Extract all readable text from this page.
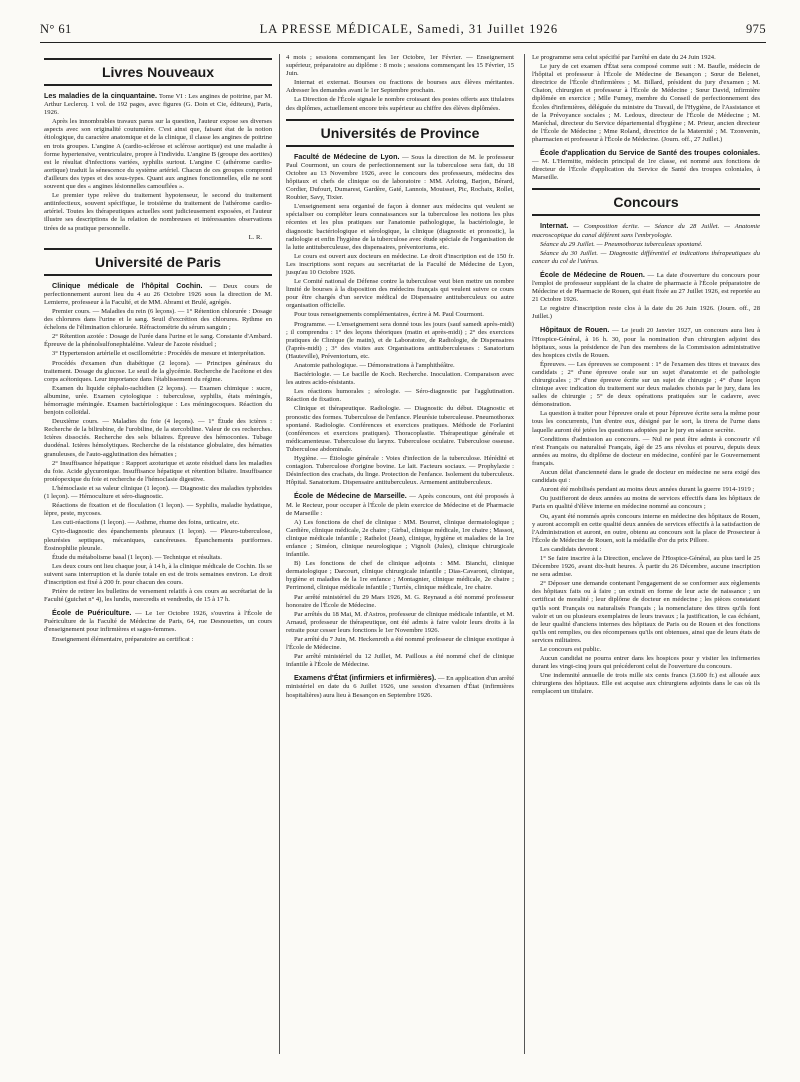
N° 61	LA PRESSE MÉDICALE, Samedi, 31 Juillet 1926	975
Livres Nouveaux

Les maladies de la cinquantaine. Tome VI : Les angines de poitrine, par M. Arthur Leclercq. 1 vol. de 192 pages, avec figures (G. Doin et Cie, éditeurs), Paris, 1926.

Après les innombrables travaux parus sur la question, l'auteur expose ses diverses aspects avec son originalité coutumière. C'est ainsi que, faisant état de la notion étiologique, du caractère anatomique et de la clinique, il classe les angines de poitrine en trois groupes. L'angine A (cardio-sclérose et sclérose aortique) est une maladie à forme hypertensive, ventriculaire, propre à l'individu. L'angine B (groupe des aortites) est le résultat d'infections variées, syphilis surtout. L'angine C (athérome cardio-aortique) traduit la sénescence du système artériel. Chacun de ces groupes comprend d'ailleurs des types et des sous-types. Quant aux angines fonctionnelles, elle ne sont souvent que des « angines lésionnelles camouflées ».

Le premier type relève du traitement hypotenseur, le second du traitement antiinfectieux, souvent spécifique, le troisième du traitement de l'athérome cardio-artériel. Toutes les thérapeutiques actuelles sont judicieusement exposées, et l'auteur illustre ses descriptions de la relation de nombreuses et intéressantes observations tirées de sa pratique personnelle.

L. R.

Université de Paris

Clinique médicale de l'hôpital Cochin. — Deux cours de perfectionnement auront lieu du 4 au 26 Octobre 1926 sous la direction de M. Lemierre, professeur à la Faculté, et de MM. Abrami et Brulé, agrégés.

Premier cours. — Maladies du rein (6 leçons). — 1° Rétention chlorurée : Dosage des chlorures dans l'urine et le sang. Seuil d'excrétion des chlorures. Rythme en échelons de l'élimination chlorurée. Réfractométrie du sérum sanguin ;

2° Rétention azotée : Dosage de l'urée dans l'urine et le sang. Constante d'Ambard. Épreuve de la phénolsulfonephtaléine. Valeur de l'azote résiduel ;

3° Hypertension artérielle et oscillométrie : Procédés de mesure et interprétation.

Procédés d'examen d'un diabétique (2 leçons). — Principes généraux du traitement. Dosage du glucose. Le seuil de la glycémie. Recherche de l'acétone et des corps acétoniques. Leur importance dans l'établissement du régime.

Examen du liquide céphalo-rachidien (2 leçons). — Examen chimique : sucre, albumine, urée. Examen cytologique : tuberculose, syphilis, états méningés, hémorragie méningée. Examen bactériologique : Les méningocoques. Réaction du benjoin colloïdal.

Deuxième cours. — Maladies du foie (4 leçons). — 1° Étude des ictères : Recherche de la bilirubine, de l'urobiline, de la stercobiline. Valeur de ces recherches. Ictères dissociés. Recherche des sels biliaires. Épreuve des hémoconies. Tubage duodénal. Ictères hémolytiques. Recherche de la résistance globulaire, des hématies granuleuses, de l'auto-agglutination des hématies ;

2° Insuffisance hépatique : Rapport azoturique et azote résiduel dans les maladies du foie. Acide glycuronique. Insuffisance hépatique et rétention biliaire. Insuffisance protéopexique du foie et recherche de l'hémoclasie digestive.

L'hémoclasie et sa valeur clinique (1 leçon). — Diagnostic des maladies typhoïdes (1 leçon). — Hémoculture et séro-diagnostic.

Réactions de fixation et de floculation (1 leçon). — Syphilis, maladie hydatique, lèpre, peste, mycoses.

Les cuti-réactions (1 leçon). — Asthme, rhume des foins, urticaire, etc.

Cyto-diagnostic des épanchements pleuraux (1 leçon). — Pleuro-tuberculose, pleurésies septiques, mécaniques, cancéreuses. Épanchements puriformes. Éosinophilie pleurale.

Étude du métabolisme basal (1 leçon). — Technique et résultats.

Les deux cours ont lieu chaque jour, à 14 h, à la clinique médicale de Cochin. Ils se suivent sans interruption et la durée totale en est de trois semaines environ. Le droit d'inscription est fixé à 200 fr. pour chacun des cours.

Prière de retirer les bulletins de versement relatifs à ces cours au secrétariat de la Faculté (guichet n° 4), les lundis, mercredis et vendredis, de 15 à 17 h.

École de Puériculture. — Le 1er Octobre 1926, s'ouvrira à l'École de Puériculture de la Faculté de Médecine de Paris, 64, rue Desnouettes, un cours d'enseignement pour infirmières et sages-femmes.

Enseignement élémentaire, préparatoire au certificat :

4 mois ; sessions commençant les 1er Octobre, 1er Février. — Enseignement supérieur, préparatoire au diplôme : 8 mois ; sessions commençant les 15 Février, 15 Juin.

Internat et externat. Bourses ou fractions de bourses aux élèves méritantes. Adresser les demandes avant le 1er Septembre prochain.

La Direction de l'École signale le nombre croissant des postes offerts aux titulaires des diplômes, actuellement encore très supérieur au chiffre des élèves diplômées.

Universités de Province

Faculté de Médecine de Lyon. — Sous la direction de M. le professeur Paul Courmont, un cours de perfectionnement sur la tuberculose sera fait, du 18 Octobre au 13 Novembre 1926, avec le concours des professeurs, médecins des hôpitaux et chefs de clinique ou de laboratoire : MM. Arloing, Barjon, Bérard, Cordier, Dufourt, Dumarest, Gardère, Gaté, Lannois, Mouisset, Pic, Rochaix, Rollet, Roubier, Savy, Tixier.

L'enseignement sera organisé de façon à donner aux médecins qui veulent se spécialiser ou compléter leurs connaissances sur la tuberculose les notions les plus récentes et les plus pratiques sur l'anatomie pathologique, la bactériologie, le diagnostic bactériologique et sérologique, la clinique (diagnostic et pronostic), la radiologie et enfin l'hygiène de la tuberculose avec étude spéciale de l'organisation de la lutte antituberculeuse, des dispensaires, préventoriums, etc.

Le cours est ouvert aux docteurs en médecine. Le droit d'inscription est de 150 fr. Les inscriptions sont reçues au secrétariat de la Faculté de Médecine de Lyon, jusqu'au 10 Octobre 1926.

Le Comité national de Défense contre la tuberculose veut bien mettre un nombre limité de bourses à la disposition des médecins français qui veulent suivre ce cours pour être chargés d'un service médical de Dispensaire antituberculeux ou autre organisation officielle.

Pour tous renseignements complémentaires, écrire à M. Paul Courmont.

Programme. — L'enseignement sera donné tous les jours (sauf samedi après-midi) ; il comprendra : 1° des leçons théoriques (matin et après-midi) ; 2° des exercices pratiques de Clinique (le matin), et de Laboratoire, de Radiologie, de Dispensaires (l'après-midi) ; 3° des visites aux Organisations antituberculeuses : Sanatorium (Hauteville), Préventorium, etc.

Anatomie pathologique. — Démonstrations à l'amphithéâtre.

Bactériologie. — Le bacille de Koch. Recherche. Inoculation. Comparaison avec les autres acido-résistants.

Les réactions humorales ; sérologie. — Séro-diagnostic par l'agglutination. Réaction de fixation.

Clinique et thérapeutique. Radiologie. — Diagnostic du début. Diagnostic et pronostic des formes. Tuberculose de l'enfance. Pleurésie tuberculeuse. Pneumothorax spontané. Radiologie. Conférences et exercices pratiques. Méthode de Forlanini (conférences et exercices pratiques). Thoracoplastie. Thérapeutique générale et médicamenteuse. Tuberculose du larynx. Tuberculose oculaire. Tuberculose osseuse. Tuberculose abdominale.

Hygiène. — Étiologie générale : Voies d'infection de la tuberculose. Hérédité et contagion. Tuberculose d'origine bovine. Le lait. Facteurs sociaux. — Prophylaxie : Désinfection des crachats, du linge. Protection de l'enfance. Isolement du tuberculeux. Hôpital. Sanatorium. Dispensaire antituberculeux. Armement antituberculeux.

École de Médecine de Marseille. — Après concours, ont été proposés à M. le Recteur, pour occuper à l'École de plein exercice de Médecine et de Pharmacie de Marseille :

A) Les fonctions de chef de clinique : MM. Bourret, clinique dermatologique ; Cardière, clinique médicale, 2e chaire ; Girbal, clinique médicale, 1re chaire ; Massot, clinique médicale infantile ; Rathelot (Jean), clinique, hygiène et maladies de la 1re enfance ; Siméon, clinique neurologique ; Vignoli (Jules), clinique chirurgicale infantile.

B) Les fonctions de chef de clinique adjoints : MM. Bianchi, clinique dermatologique ; Darcourt, clinique chirurgicale infantile ; Dias-Cavaroni, clinique, hygiène et maladies de la 1re enfance ; Montagnier, clinique médicale, 2e chaire ; Perrimond, clinique médicale infantile ; Turriès, clinique médicale, 1re chaire.

Par arrêté ministériel du 29 Mars 1926, M. G. Reynaud a été nommé professeur honoraire de l'École de Médecine.

Par arrêtés du 18 Mai, M. d'Astros, professeur de clinique médicale infantile, et M. Arnaud, professeur de thérapeutique, ont été admis à faire valoir leurs droits à la retraite pour cesser leurs fonctions le 1er Novembre 1926.

Par arrêté du 7 Juin, M. Heckenroth a été nommé professeur de clinique exotique à l'École de Médecine.

Par arrêté ministériel du 12 Juillet, M. Paillous a été nommé chef de clinique infantile à l'École de Médecine.

Examens d'État (infirmiers et infirmières). — En application d'un arrêté ministériel en date du 6 Juillet 1926, une session d'examen d'État (infirmières hospitalières) aura lieu à Besançon en Septembre 1926.

Le programme sera celui spécifié par l'arrêté en date du 24 Juin 1924.

Le jury de cet examen d'État sera composé comme suit : M. Baufle, médecin de l'hôpital et professeur à l'École de Médecine de Besançon ; Sœur de Belenet, directrice de l'École d'infirmières ; M. Billard, président du jury d'examen ; M. Chaton, chirurgien et professeur à l'École de Médecine ; Sœur David, infirmière diplômée en exercice ; Mlle Fumey, membre du Conseil de perfectionnement des Écoles d'infirmières, déléguée du ministre du Travail, de l'Hygiène, de l'Assistance et de la Prévoyance sociales ; M. Ledoux, directeur de l'École de Médecine ; M. Maréchal, directeur du Service départemental d'hygiène ; M. Prieur, ancien directeur de l'École de Médecine ; Mme Roland, directrice de la Maternité ; M. Tzonvenin, pharmacien et professeur à l'École de Médecine. (Journ. off., 27 Juillet.)

École d'application du Service de Santé des troupes coloniales. — M. L'Hermitte, médecin principal de 1re classe, est nommé aux fonctions de directeur de l'École d'application du Service de Santé des troupes coloniales, à Marseille.

Concours

Internat. — Composition écrite. — Séance du 28 Juillet. — Anatomie macroscopique du canal déférent sans l'embryologie.

Séance du 29 Juillet. — Pneumothorax tuberculeux spontané.

Séance du 30 Juillet. — Diagnostic différentiel et indications thérapeutiques du cancer du col de l'utérus.

École de Médecine de Rouen. — La date d'ouverture du concours pour l'emploi de professeur suppléant de la chaire de pharmacie à l'École préparatoire de Médecine et de Pharmacie de Rouen, qui était fixée au 27 Juillet 1926, est reportée au 21 Octobre 1926.

Le registre d'inscription reste clos à la date du 26 Juin 1926. (Journ. off., 28 Juillet.)

Hôpitaux de Rouen. — Le jeudi 20 Janvier 1927, un concours aura lieu à l'Hospice-Général, à 16 h. 30, pour la nomination d'un chirurgien adjoint des hôpitaux, sous la présidence de l'un des membres de la Commission administrative des hospices civils de Rouen.

Épreuves. — Les épreuves se composent : 1° de l'examen des titres et travaux des candidats ; 2° d'une épreuve orale sur un sujet d'anatomie et de pathologie chirurgicales ; 3° d'une épreuve écrite sur un sujet de chirurgie ; 4° d'une leçon clinique avec indication du traitement sur deux malades choisis par le jury, dans les salles de chirurgie ; 5° de deux opérations pratiquées sur le cadavre, avec démonstration.

La question à traiter pour l'épreuve orale et pour l'épreuve écrite sera la même pour tous les concurrents, l'un d'entre eux, désigné par le sort, la tirera de l'urne dans laquelle auront été jetées les questions adoptées par le jury en séance secrète.

Conditions d'admission au concours. — Nul ne peut être admis à concourir s'il n'est Français ou naturalisé Français, âgé de 25 ans révolus et pourvu, depuis deux années au moins, du diplôme de docteur en médecine, conféré par le Gouvernement français.

Aucun délai d'ancienneté dans le grade de docteur en médecine ne sera exigé des candidats qui :

Auront été mobilisés pendant au moins deux années durant la guerre 1914-1919 ;

Ou justifieront de deux années au moins de services effectifs dans les hôpitaux de Paris en qualité d'élève interne en médecine nommé au concours ;

Ou, ayant été nommés après concours interne en médecine des hôpitaux de Rouen, y auront accompli en cette qualité deux années de services effectifs à la satisfaction de l'Administration et auront, en outre, obtenu au concours soit la place de Prosecteur à l'École de Médecine de Rouen, soit la médaille d'or du prix Pillore.

Les candidats devront :

1° Se faire inscrire à la Direction, enclave de l'Hospice-Général, au plus tard le 25 Décembre 1926, avant dix-huit heures. À partir du 26 Décembre, aucune inscription ne sera admise.

2° Déposer une demande contenant l'engagement de se conformer aux règlements des hôpitaux faits ou à faire ; un extrait en forme de leur acte de naissance ; un certificat de moralité ; leur diplôme de docteur en médecine ; les pièces constatant qu'ils sont Français ou naturalisés Français ; la nomenclature des titres qu'ils font valoir et un ou plusieurs exemplaires de leurs travaux ; la justification, le cas échéant, de leur qualité d'anciens internes des hôpitaux de Paris ou de Rouen et des fonctions qu'ils ont remplies, ou des récompenses qu'ils ont obtenues, ainsi que de leurs états de services militaires.

Le concours est public.

Aucun candidat ne pourra entrer dans les hospices pour y visiter les infirmeries durant les vingt-cinq jours qui précéderont celui de l'ouverture du concours.

Une indemnité annuelle de trois mille six cents francs (3.600 fr.) est allouée aux chirurgiens des hôpitaux. Elle est acquise aux chirurgiens adjoints dans le cas où ils remplacent un titulaire.
